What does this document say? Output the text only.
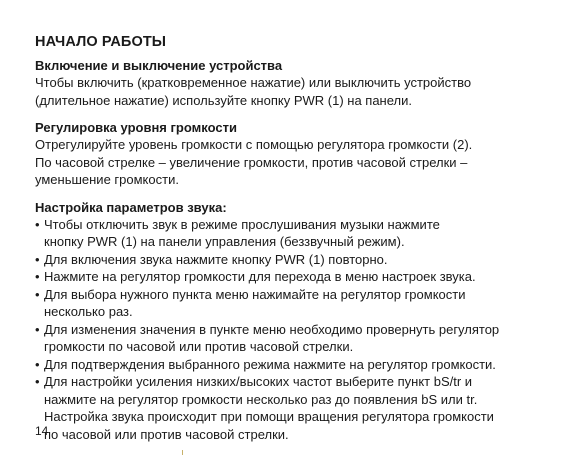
НАЧАЛО РАБОТЫ

Включение и выключение устройства

Чтобы включить (кратковременное нажатие) или выключить устройство
(длительное нажатие) используйте кнопку PWR (1) на панели.

Регулировка уровня громкости

Отрегулируйте уровень громкости с помощью регулятора громкости (2).
По часовой стрелке – увеличение громкости, против часовой стрелки –
уменьшение громкости.

Настройка параметров звука:

• Чтобы отключить звук в режиме прослушивания музыки нажмите
кнопку PWR (1) на панели управления (беззвучный режим).
• Для включения звука нажмите кнопку PWR (1) повторно.
• Нажмите на регулятор громкости для перехода в меню настроек звука.
• Для выбора нужного пункта меню нажимайте на регулятор громкости
несколько раз.
• Для изменения значения в пункте меню необходимо провернуть регулятор
громкости по часовой или против часовой стрелки.
• Для подтверждения выбранного режима нажмите на регулятор громкости.
• Для настройки усиления низких/высоких частот выберите пункт bS/tr и
нажмите на регулятор громкости несколько раз до появления bS или tr.
Настройка звука происходит при помощи вращения регулятора громкости
по часовой или против часовой стрелки.
14
